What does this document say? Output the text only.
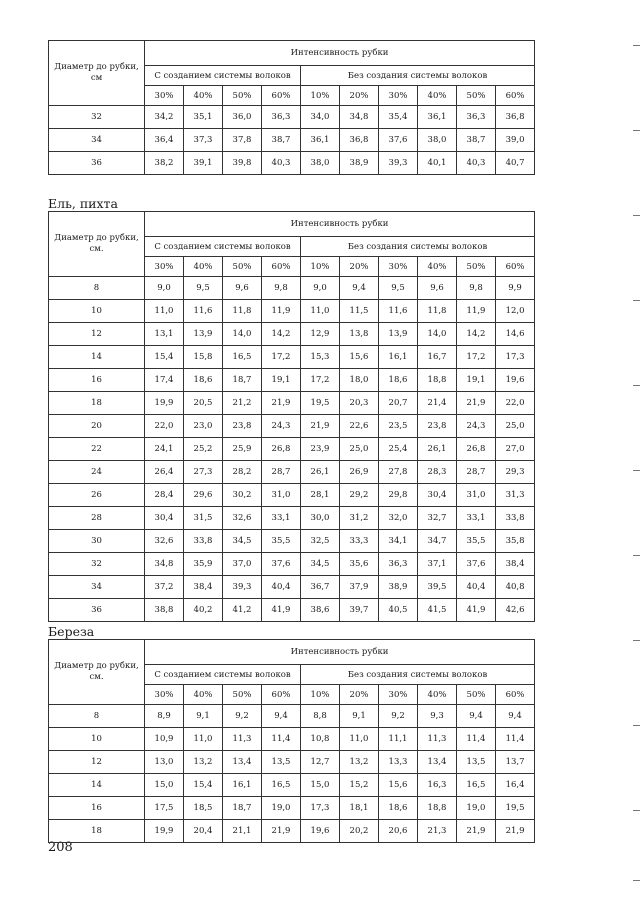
Ель, пихта
Береза
208
Диаметр до рубки, см	Интенсивность рубки									
	С созданием системы волоков				Без создания системы волоков					
	30%	40%	50%	60%	10%	20%	30%	40%	50%	60%
32	34,2	35,1	36,0	36,3	34,0	34,8	35,4	36,1	36,3	36,8
34	36,4	37,3	37,8	38,7	36,1	36,8	37,6	38,0	38,7	39,0
36	38,2	39,1	39,8	40,3	38,0	38,9	39,3	40,1	40,3	40,7
Диаметр до рубки, см.	Интенсивность рубки									
	С созданием системы волоков				Без создания системы волоков					
	30%	40%	50%	60%	10%	20%	30%	40%	50%	60%
8	9,0	9,5	9,6	9,8	9,0	9,4	9,5	9,6	9,8	9,9
10	11,0	11,6	11,8	11,9	11,0	11,5	11,6	11,8	11,9	12,0
12	13,1	13,9	14,0	14,2	12,9	13,8	13,9	14,0	14,2	14,6
14	15,4	15,8	16,5	17,2	15,3	15,6	16,1	16,7	17,2	17,3
16	17,4	18,6	18,7	19,1	17,2	18,0	18,6	18,8	19,1	19,6
18	19,9	20,5	21,2	21,9	19,5	20,3	20,7	21,4	21,9	22,0
20	22,0	23,0	23,8	24,3	21,9	22,6	23,5	23,8	24,3	25,0
22	24,1	25,2	25,9	26,8	23,9	25,0	25,4	26,1	26,8	27,0
24	26,4	27,3	28,2	28,7	26,1	26,9	27,8	28,3	28,7	29,3
26	28,4	29,6	30,2	31,0	28,1	29,2	29,8	30,4	31,0	31,3
28	30,4	31,5	32,6	33,1	30,0	31,2	32,0	32,7	33,1	33,8
30	32,6	33,8	34,5	35,5	32,5	33,3	34,1	34,7	35,5	35,8
32	34,8	35,9	37,0	37,6	34,5	35,6	36,3	37,1	37,6	38,4
34	37,2	38,4	39,3	40,4	36,7	37,9	38,9	39,5	40,4	40,8
36	38,8	40,2	41,2	41,9	38,6	39,7	40,5	41,5	41,9	42,6
Диаметр до рубки, см.	Интенсивность рубки									
	С созданием системы волоков				Без создания системы волоков					
	30%	40%	50%	60%	10%	20%	30%	40%	50%	60%
8	8,9	9,1	9,2	9,4	8,8	9,1	9,2	9,3	9,4	9,4
10	10,9	11,0	11,3	11,4	10,8	11,0	11,1	11,3	11,4	11,4
12	13,0	13,2	13,4	13,5	12,7	13,2	13,3	13,4	13,5	13,7
14	15,0	15,4	16,1	16,5	15,0	15,2	15,6	16,3	16,5	16,4
16	17,5	18,5	18,7	19,0	17,3	18,1	18,6	18,8	19,0	19,5
18	19,9	20,4	21,1	21,9	19,6	20,2	20,6	21,3	21,9	21,9
